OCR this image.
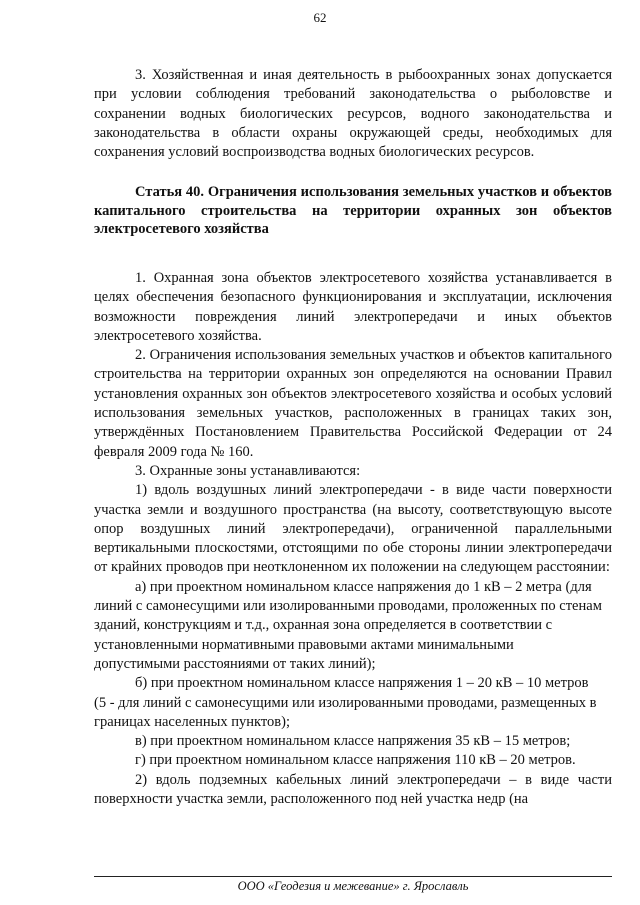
62

3. Хозяйственная и иная деятельность в рыбоохранных зонах допускается при условии соблюдения требований законодательства о рыболовстве и сохранении водных биологических ресурсов, водного законодательства и законодательства в области охраны окружающей среды, необходимых для сохранения условий воспроизводства водных биологических ресурсов.

Статья 40. Ограничения использования земельных участков и объектов капитального строительства на территории охранных зон объектов электросетевого хозяйства

1. Охранная зона объектов электросетевого хозяйства устанавливается в целях обеспечения безопасного функционирования и эксплуатации, исключения возможности повреждения линий электропередачи и иных объектов электросетевого хозяйства.

2. Ограничения использования земельных участков и объектов капитального строительства на территории охранных зон определяются на основании Правил установления охранных зон объектов электросетевого хозяйства и особых условий использования земельных участков, расположенных в границах таких зон, утверждённых Постановлением Правительства Российской Федерации от 24 февраля 2009 года № 160.

3. Охранные зоны устанавливаются:

1) вдоль воздушных линий электропередачи - в виде части поверхности участка земли и воздушного пространства (на высоту, соответствующую высоте опор воздушных линий электропередачи), ограниченной параллельными вертикальными плоскостями, отстоящими по обе стороны линии электропередачи от крайних проводов при неотклоненном их положении на следующем расстоянии:

а) при проектном номинальном классе напряжения до 1 кВ – 2 метра (для линий с самонесущими или изолированными проводами, проложенных по стенам зданий, конструкциям и т.д., охранная зона определяется в соответствии с установленными нормативными правовыми актами минимальными допустимыми расстояниями от таких линий);

б) при проектном номинальном классе напряжения 1 – 20 кВ – 10 метров (5 - для линий с самонесущими или изолированными проводами, размещенных в границах населенных пунктов);

в) при проектном номинальном классе напряжения 35 кВ – 15 метров;

г) при проектном номинальном классе напряжения 110 кВ – 20 метров.

2) вдоль подземных кабельных линий электропередачи – в виде части поверхности участка земли, расположенного под ней участка недр (на

ООО «Геодезия и межевание» г. Ярославль
